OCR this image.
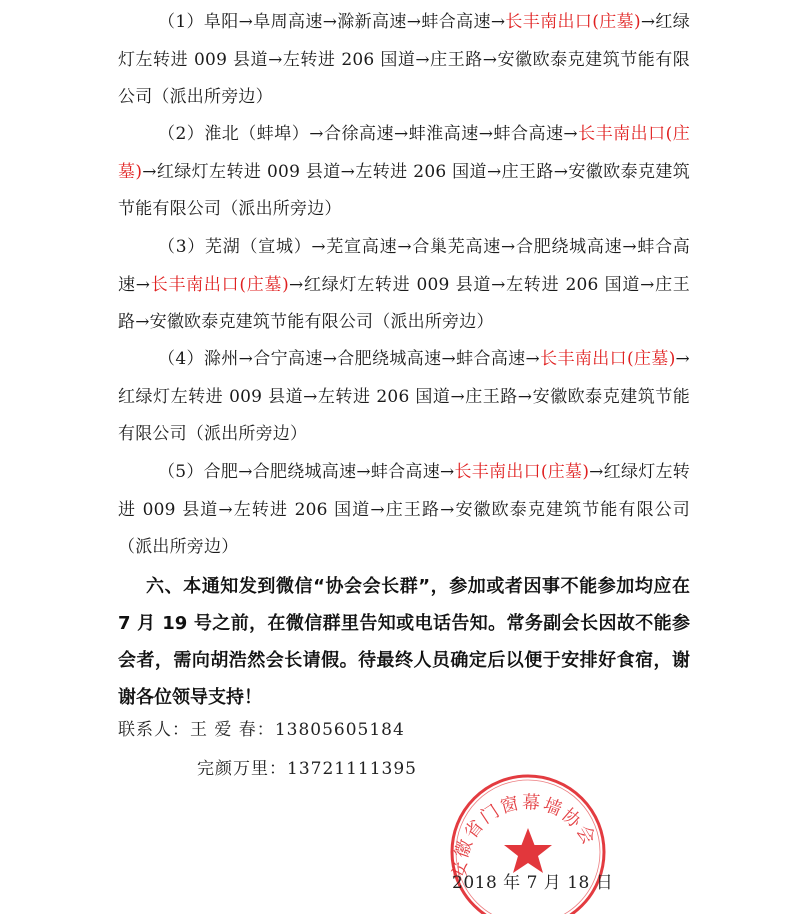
（1）阜阳→阜周高速→滁新高速→蚌合高速→长丰南出口(庄墓)→红绿灯左转进 009 县道→左转进 206 国道→庄王路→安徽欧泰克建筑节能有限公司（派出所旁边）
（2）淮北（蚌埠）→合徐高速→蚌淮高速→蚌合高速→长丰南出口(庄墓)→红绿灯左转进 009 县道→左转进 206 国道→庄王路→安徽欧泰克建筑节能有限公司（派出所旁边）
（3）芜湖（宣城）→芜宣高速→合巢芜高速→合肥绕城高速→蚌合高速→长丰南出口(庄墓)→红绿灯左转进 009 县道→左转进 206 国道→庄王路→安徽欧泰克建筑节能有限公司（派出所旁边）
（4）滁州→合宁高速→合肥绕城高速→蚌合高速→长丰南出口(庄墓)→红绿灯左转进 009 县道→左转进 206 国道→庄王路→安徽欧泰克建筑节能有限公司（派出所旁边）
（5）合肥→合肥绕城高速→蚌合高速→长丰南出口(庄墓)→红绿灯左转进 009 县道→左转进 206 国道→庄王路→安徽欧泰克建筑节能有限公司（派出所旁边）
六、本通知发到微信“协会会长群”，参加或者因事不能参加均应在 7 月 19 号之前，在微信群里告知或电话告知。常务副会长因故不能参会者，需向胡浩然会长请假。待最终人员确定后以便于安排好食宿，谢谢各位领导支持！
联系人：王 爱 春：13805605184
完颜万里：13721111395
安徽省门窗幕墙协会
2018 年 7 月 18 日
